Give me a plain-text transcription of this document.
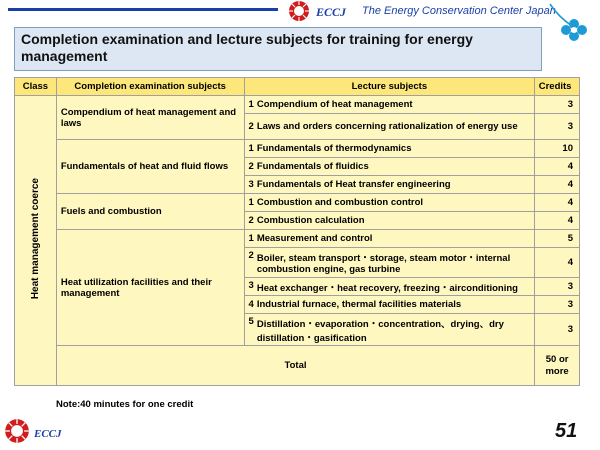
ECCJ The Energy Conservation Center Japan
Completion examination and lecture subjects for training for energy management
Class	Completion examination subjects	Lecture subjects	Credits
Heat management coerce	Compendium of heat management and laws	1 Compendium of heat management	3

		2 Laws and orders concerning rationalization of energy use	3
	Fundamentals of heat and fluid flows	1 Fundamentals of thermodynamics	10

		2 Fundamentals of fluidics	4

		3 Fundamentals of Heat transfer engineering	4
	Fuels and combustion	1 Combustion and combustion control	4

		2 Combustion calculation	4
	Heat utilization facilities and their management	1 Measurement and control	5

		2 Boiler, steam transport・storage, steam motor・internal combustion engine, gas turbine	4

		3 Heat exchanger・heat recovery, freezing・airconditioning	3

		4 Industrial furnace, thermal facilities materials	3

		5 Distillation・evaporation・concentration、drying、dry distillation・gasification	3
	Total		50 or more
Note:40 minutes for one credit
ECCJ	51
